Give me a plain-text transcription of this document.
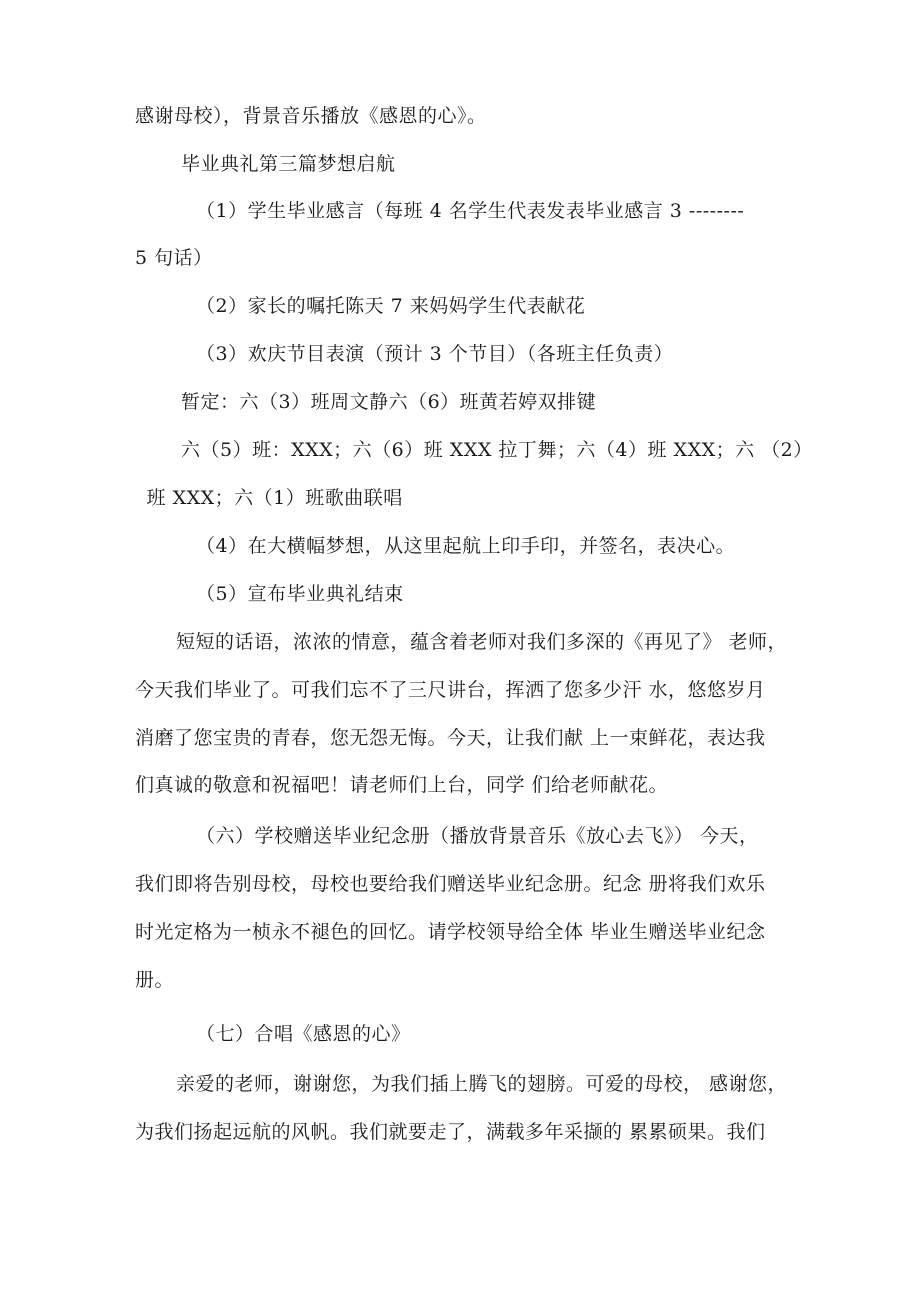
感谢母校），背景音乐播放《感恩的心》。
毕业典礼第三篇梦想启航
（1）学生毕业感言（每班 4 名学生代表发表毕业感言 3 --------
5 句话）
（2）家长的嘱托陈天 7 来妈妈学生代表献花
（3）欢庆节目表演（预计 3 个节目）（各班主任负责）
暂定：六（3）班周文静六（6）班黄若婷双排键
六（5）班：XXX；六（6）班 XXX 拉丁舞；六（4）班 XXX；六 （2）
班 XXX；六（1）班歌曲联唱
（4）在大横幅梦想，从这里起航上印手印，并签名，表决心。
（5）宣布毕业典礼结束
短短的话语，浓浓的情意，蕴含着老师对我们多深的《再见了》 老师，
今天我们毕业了。可我们忘不了三尺讲台，挥洒了您多少汗 水，悠悠岁月
消磨了您宝贵的青春，您无怨无悔。今天，让我们献 上一束鲜花，表达我
们真诚的敬意和祝福吧！请老师们上台，同学 们给老师献花。
（六）学校赠送毕业纪念册（播放背景音乐《放心去飞》） 今天，
我们即将告别母校，母校也要给我们赠送毕业纪念册。纪念 册将我们欢乐
时光定格为一桢永不褪色的回忆。请学校领导给全体 毕业生赠送毕业纪念
册。
（七）合唱《感恩的心》
亲爱的老师，谢谢您，为我们插上腾飞的翅膀。可爱的母校， 感谢您，
为我们扬起远航的风帆。我们就要走了，满载多年采撷的 累累硕果。我们
